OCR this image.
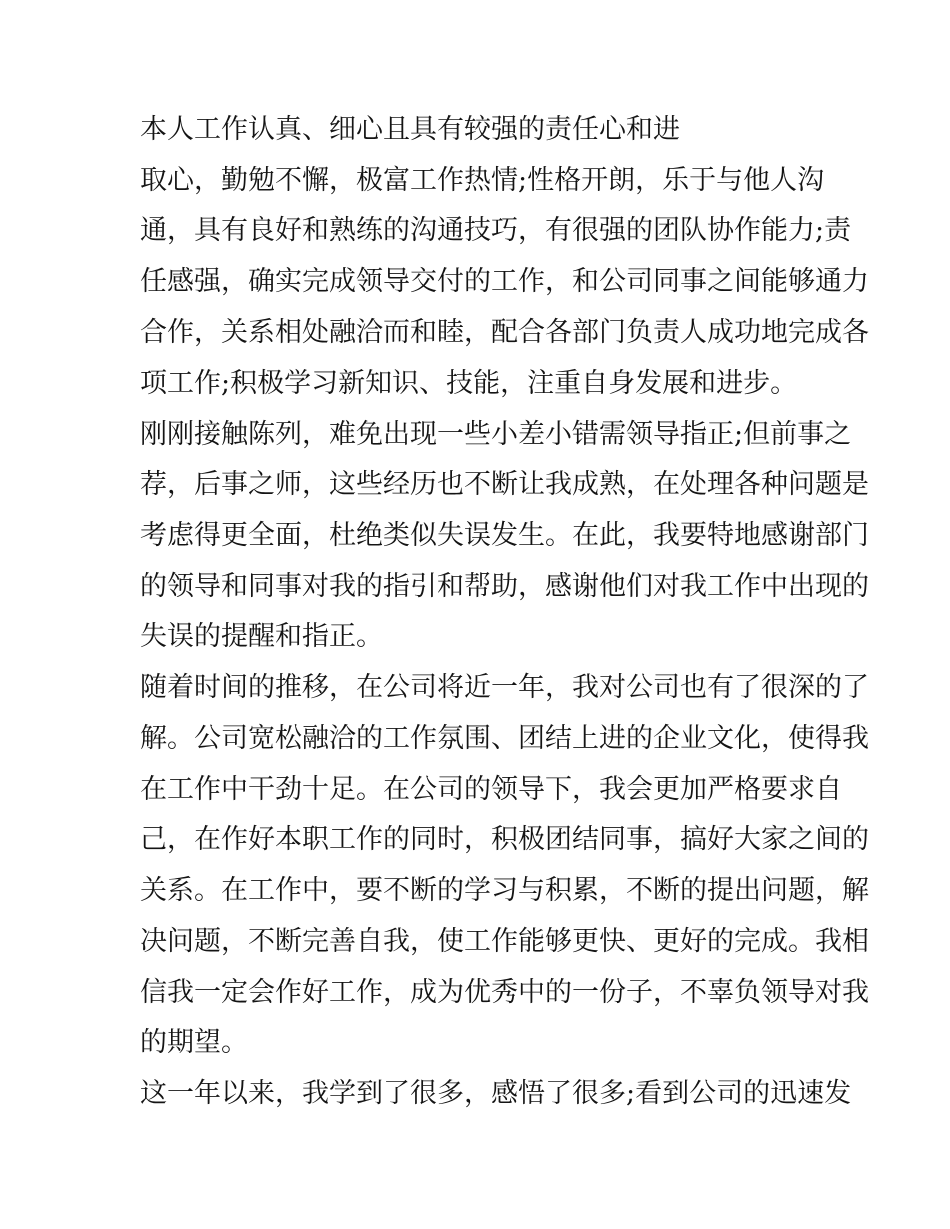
本人工作认真、细心且具有较强的责任心和进
取心，勤勉不懈，极富工作热情;性格开朗，乐于与他人沟
通，具有良好和熟练的沟通技巧，有很强的团队协作能力;责
任感强，确实完成领导交付的工作，和公司同事之间能够通力
合作，关系相处融洽而和睦，配合各部门负责人成功地完成各
项工作;积极学习新知识、技能，注重自身发展和进步。
刚刚接触陈列，难免出现一些小差小错需领导指正;但前事之
荐，后事之师，这些经历也不断让我成熟，在处理各种问题是
考虑得更全面，杜绝类似失误发生。在此，我要特地感谢部门
的领导和同事对我的指引和帮助，感谢他们对我工作中出现的
失误的提醒和指正。
随着时间的推移，在公司将近一年，我对公司也有了很深的了
解。公司宽松融洽的工作氛围、团结上进的企业文化，使得我
在工作中干劲十足。在公司的领导下，我会更加严格要求自
己，在作好本职工作的同时，积极团结同事，搞好大家之间的
关系。在工作中，要不断的学习与积累，不断的提出问题，解
决问题，不断完善自我，使工作能够更快、更好的完成。我相
信我一定会作好工作，成为优秀中的一份子，不辜负领导对我
的期望。
这一年以来，我学到了很多，感悟了很多;看到公司的迅速发
